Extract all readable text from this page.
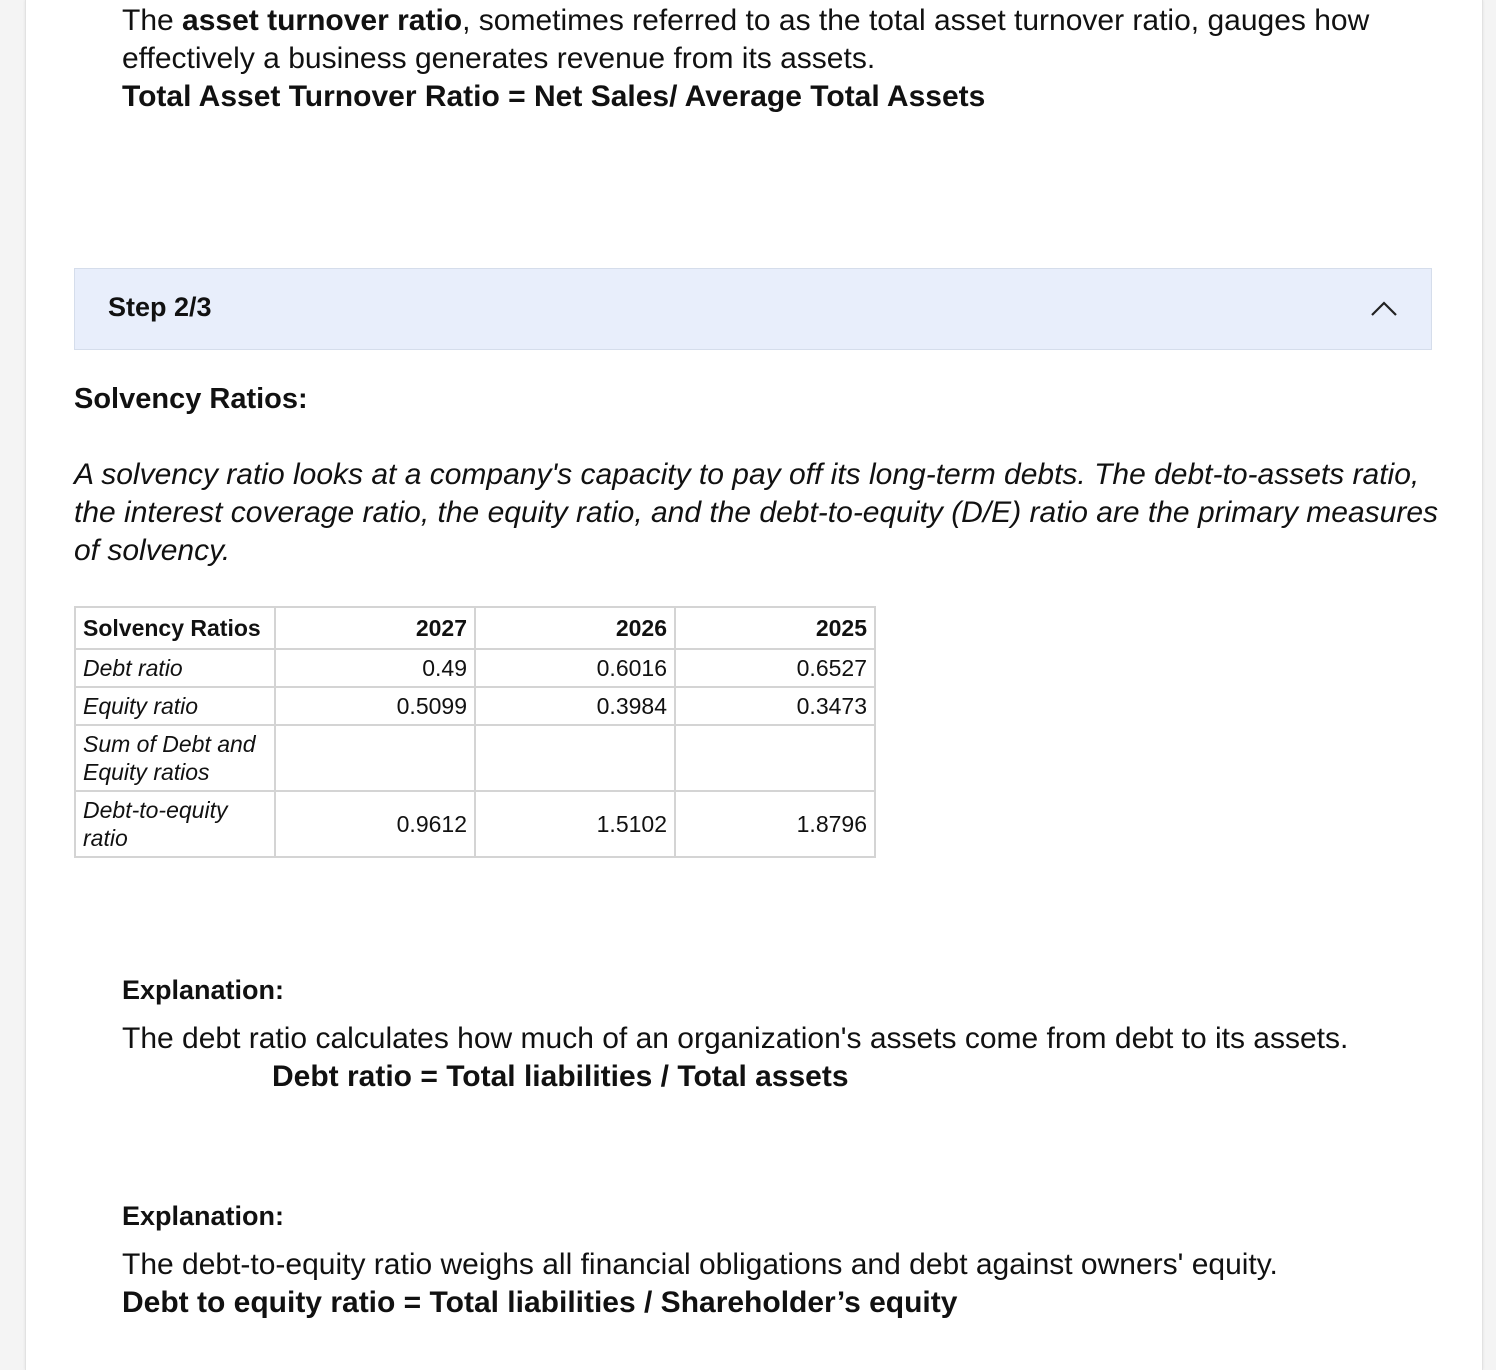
The asset turnover ratio, sometimes referred to as the total asset turnover ratio, gauges how effectively a business generates revenue from its assets.
Total Asset Turnover Ratio = Net Sales/ Average Total Assets
Step 2/3
Solvency Ratios:
A solvency ratio looks at a company's capacity to pay off its long-term debts. The debt-to-assets ratio, the interest coverage ratio, the equity ratio, and the debt-to-equity (D/E) ratio are the primary measures of solvency.
Solvency Ratios	2027	2026	2025
Debt ratio	0.49	0.6016	0.6527
Equity ratio	0.5099	0.3984	0.3473
Sum of Debt and Equity ratios			
Debt-to-equity ratio	0.9612	1.5102	1.8796
Explanation:
The debt ratio calculates how much of an organization's assets come from debt to its assets. Debt ratio = Total liabilities / Total assets
Explanation:
The debt-to-equity ratio weighs all financial obligations and debt against owners' equity.
Debt to equity ratio = Total liabilities / Shareholder’s equity
